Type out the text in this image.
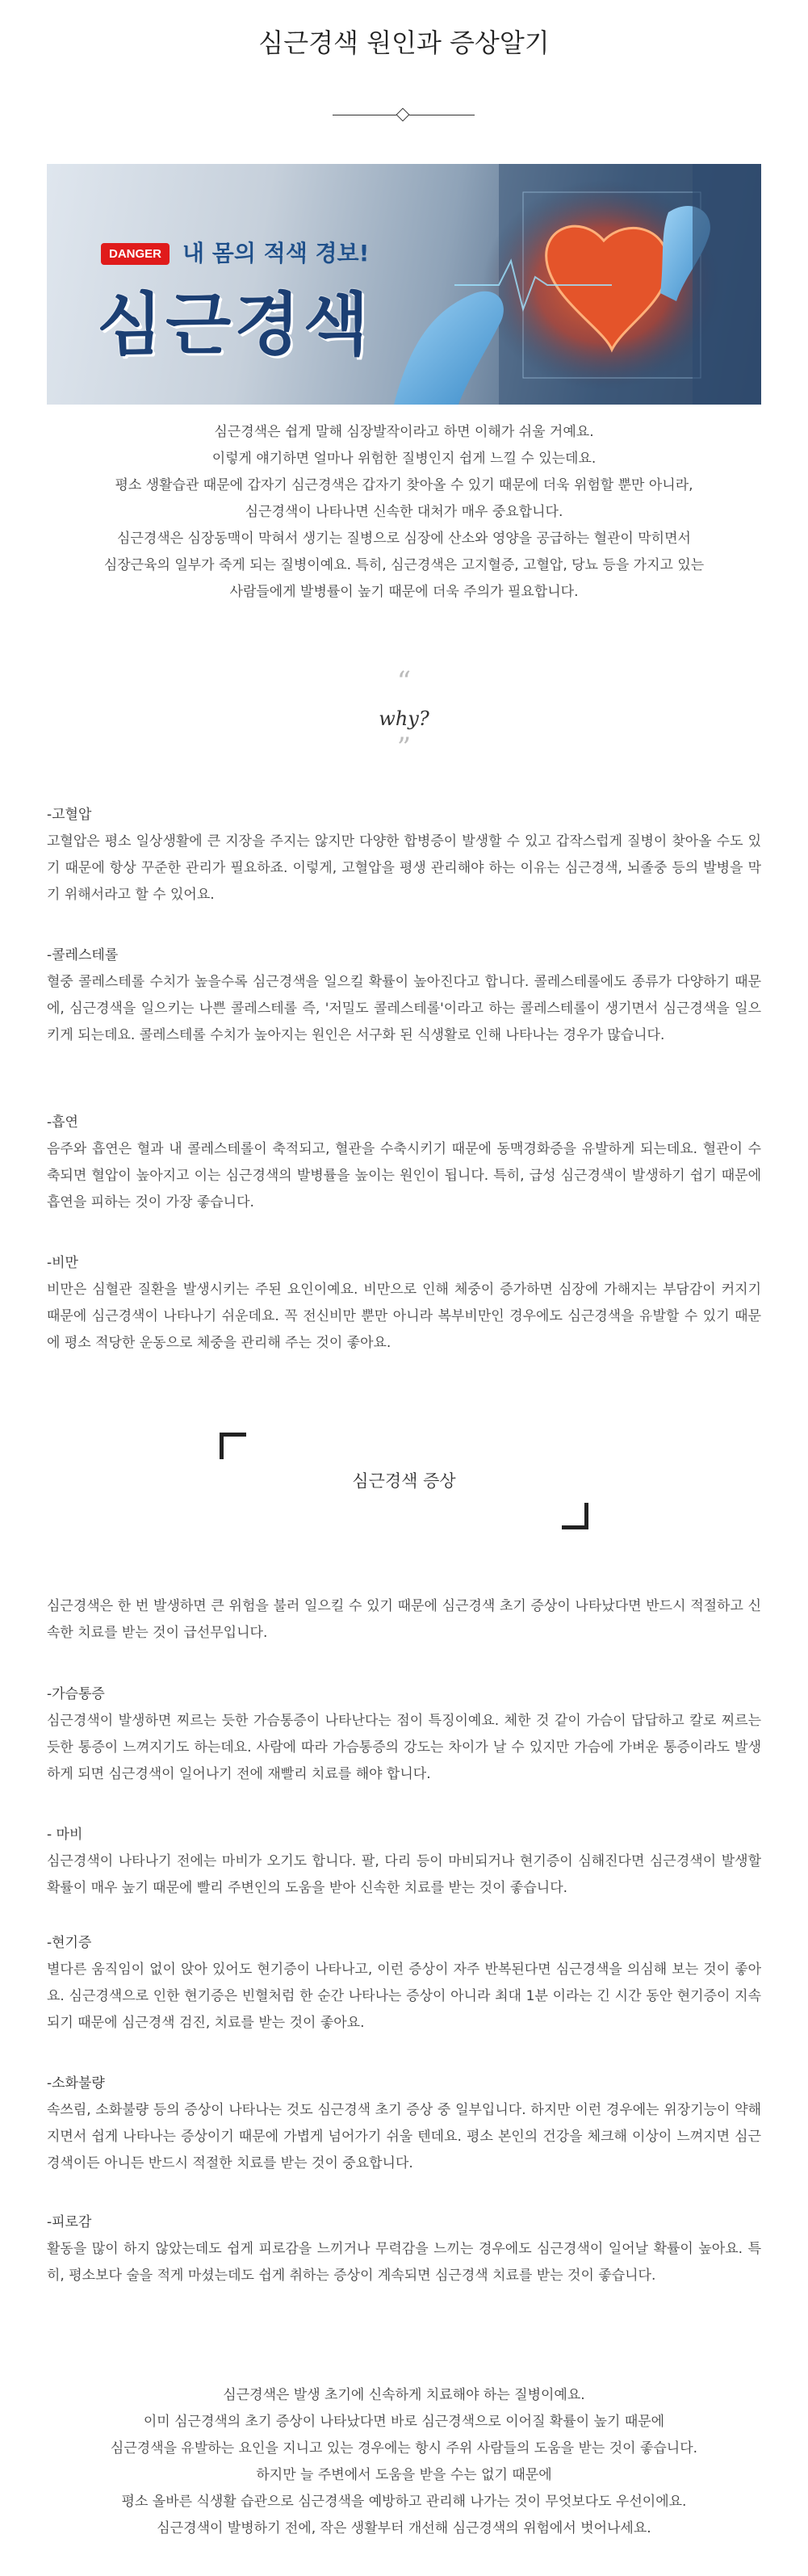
심근경색 원인과 증상알기
DANGER 내 몸의 적색 경보!
심근경색
심근경색은 쉽게 말해 심장발작이라고 하면 이해가 쉬울 거예요.
이렇게 얘기하면 얼마나 위험한 질병인지 쉽게 느낄 수 있는데요.
평소 생활습관 때문에 갑자기 심근경색은 갑자기 찾아올 수 있기 때문에 더욱 위험할 뿐만 아니라,
심근경색이 나타나면 신속한 대처가 매우 중요합니다.
심근경색은 심장동맥이 막혀서 생기는 질병으로 심장에 산소와 영양을 공급하는 혈관이 막히면서
심장근육의 일부가 죽게 되는 질병이예요. 특히, 심근경색은 고지혈증, 고혈압, 당뇨 등을 가지고 있는
사람들에게 발병률이 높기 때문에 더욱 주의가 필요합니다.
“
why?
”
-고혈압
고혈압은 평소 일상생활에 큰 지장을 주지는 않지만 다양한 합병증이 발생할 수 있고 갑작스럽게 질병이 찾아올 수도 있기 때문에 항상 꾸준한 관리가 필요하죠. 이렇게, 고혈압을 평생 관리해야 하는 이유는 심근경색, 뇌졸중 등의 발병을 막기 위해서라고 할 수 있어요.
-콜레스테롤
혈중 콜레스테롤 수치가 높을수록 심근경색을 일으킬 확률이 높아진다고 합니다. 콜레스테롤에도 종류가 다양하기 때문에, 심근경색을 일으키는 나쁜 콜레스테롤 즉, '저밀도 콜레스테롤'이라고 하는 콜레스테롤이 생기면서 심근경색을 일으키게 되는데요. 콜레스테롤 수치가 높아지는 원인은 서구화 된 식생활로 인해 나타나는 경우가 많습니다.
-흡연
음주와 흡연은 혈과 내 콜레스테롤이 축적되고, 혈관을 수축시키기 때문에 동맥경화증을 유발하게 되는데요. 혈관이 수축되면 혈압이 높아지고 이는 심근경색의 발병률을 높이는 원인이 됩니다. 특히, 급성 심근경색이 발생하기 쉽기 때문에 흡연을 피하는 것이 가장 좋습니다.
-비만
비만은 심혈관 질환을 발생시키는 주된 요인이예요. 비만으로 인해 체중이 증가하면 심장에 가해지는 부담감이 커지기 때문에 심근경색이 나타나기 쉬운데요. 꼭 전신비만 뿐만 아니라 복부비만인 경우에도 심근경색을 유발할 수 있기 때문에 평소 적당한 운동으로 체중을 관리해 주는 것이 좋아요.
심근경색 증상
심근경색은 한 번 발생하면 큰 위험을 불러 일으킬 수 있기 때문에 심근경색 초기 증상이 나타났다면 반드시 적절하고 신속한 치료를 받는 것이 급선무입니다.
-가슴통증
심근경색이 발생하면 찌르는 듯한 가슴통증이 나타난다는 점이 특징이예요. 체한 것 같이 가슴이 답답하고 칼로 찌르는 듯한 통증이 느껴지기도 하는데요. 사람에 따라 가슴통증의 강도는 차이가 날 수 있지만 가슴에 가벼운 통증이라도 발생하게 되면 심근경색이 일어나기 전에 재빨리 치료를 해야 합니다.
- 마비
심근경색이 나타나기 전에는 마비가 오기도 합니다. 팔, 다리 등이 마비되거나 현기증이 심해진다면 심근경색이 발생할 확률이 매우 높기 때문에 빨리 주변인의 도움을 받아 신속한 치료를 받는 것이 좋습니다.
-현기증
별다른 움직임이 없이 앉아 있어도 현기증이 나타나고, 이런 증상이 자주 반복된다면 심근경색을 의심해 보는 것이 좋아요. 심근경색으로 인한 현기증은 빈혈처럼 한 순간 나타나는 증상이 아니라 최대 1분 이라는 긴 시간 동안 현기증이 지속되기 때문에 심근경색 검진, 치료를 받는 것이 좋아요.
-소화불량
속쓰림, 소화불량 등의 증상이 나타나는 것도 심근경색 초기 증상 중 일부입니다. 하지만 이런 경우에는 위장기능이 약해지면서 쉽게 나타나는 증상이기 때문에 가볍게 넘어가기 쉬울 텐데요. 평소 본인의 건강을 체크해 이상이 느껴지면 심근경색이든 아니든 반드시 적절한 치료를 받는 것이 중요합니다.
-피로감
활동을 많이 하지 않았는데도 쉽게 피로감을 느끼거나 무력감을 느끼는 경우에도 심근경색이 일어날 확률이 높아요. 특히, 평소보다 술을 적게 마셨는데도 쉽게 취하는 증상이 계속되면 심근경색 치료를 받는 것이 좋습니다.
심근경색은 발생 초기에 신속하게 치료해야 하는 질병이예요.
이미 심근경색의 초기 증상이 나타났다면 바로 심근경색으로 이어질 확률이 높기 때문에
심근경색을 유발하는 요인을 지니고 있는 경우에는 항시 주위 사람들의 도움을 받는 것이 좋습니다.
하지만 늘 주변에서 도움을 받을 수는 없기 때문에
평소 올바른 식생활 습관으로 심근경색을 예방하고 관리해 나가는 것이 무엇보다도 우선이에요.
심근경색이 발병하기 전에, 작은 생활부터 개선해 심근경색의 위험에서 벗어나세요.
